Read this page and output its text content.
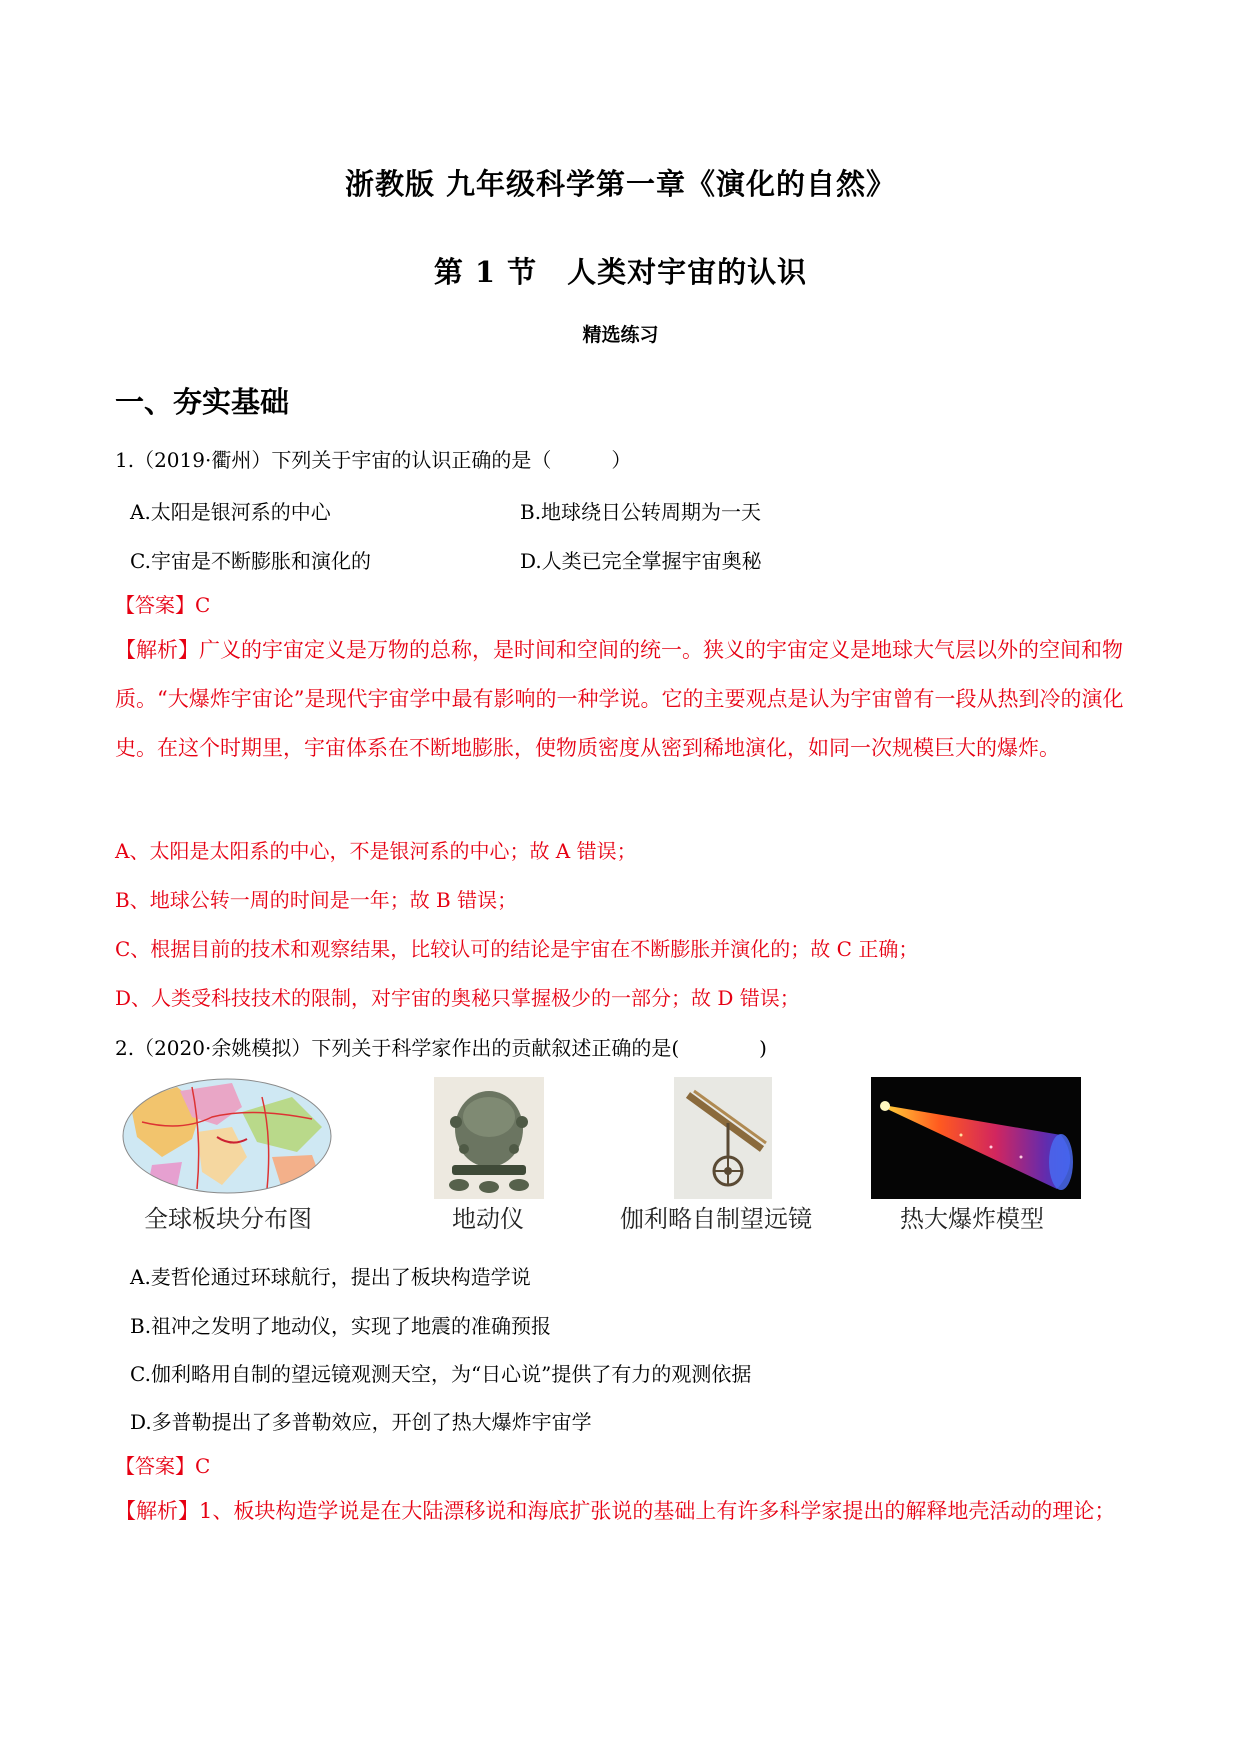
浙教版 九年级科学第一章《演化的自然》
第 1 节　人类对宇宙的认识
精选练习
一、夯实基础
1.（2019·衢州）下列关于宇宙的认识正确的是（　　　）
A.太阳是银河系的中心	B.地球绕日公转周期为一天
C.宇宙是不断膨胀和演化的	D.人类已完全掌握宇宙奥秘
【答案】C
【解析】广义的宇宙定义是万物的总称，是时间和空间的统一。狭义的宇宙定义是地球大气层以外的空间和物质。“大爆炸宇宙论”是现代宇宙学中最有影响的一种学说。它的主要观点是认为宇宙曾有一段从热到冷的演化史。在这个时期里，宇宙体系在不断地膨胀，使物质密度从密到稀地演化，如同一次规模巨大的爆炸。
A、太阳是太阳系的中心，不是银河系的中心；故 A 错误；
B、地球公转一周的时间是一年；故 B 错误；
C、根据目前的技术和观察结果，比较认可的结论是宇宙在不断膨胀并演化的；故 C 正确；
D、人类受科技技术的限制，对宇宙的奥秘只掌握极少的一部分；故 D 错误；
2.（2020·余姚模拟）下列关于科学家作出的贡献叙述正确的是(　　　　)
全球板块分布图	地动仪	伽利略自制望远镜	热大爆炸模型
A.麦哲伦通过环球航行，提出了板块构造学说
B.祖冲之发明了地动仪，实现了地震的准确预报
C.伽利略用自制的望远镜观测天空，为“日心说”提供了有力的观测依据
D.多普勒提出了多普勒效应，开创了热大爆炸宇宙学
【答案】C
【解析】1、板块构造学说是在大陆漂移说和海底扩张说的基础上有许多科学家提出的解释地壳活动的理论；
